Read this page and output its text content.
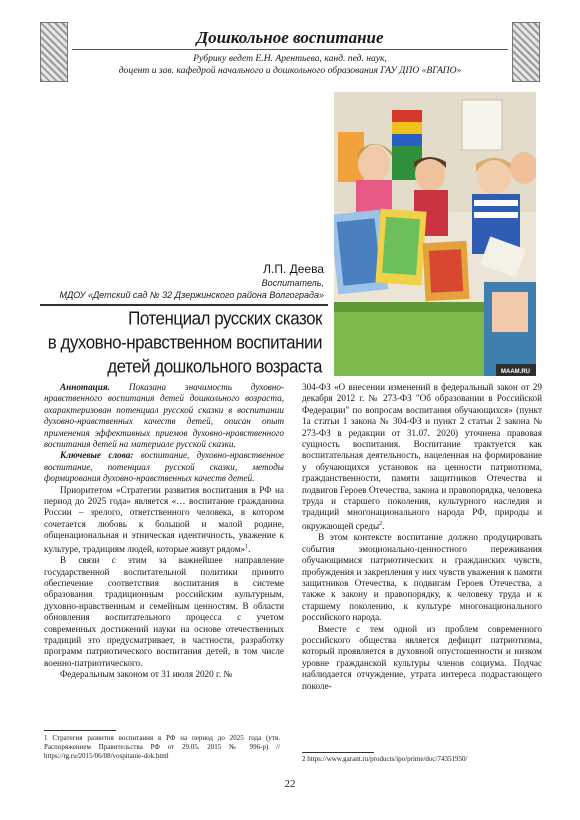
Дошкольное воспитание
Рубрику ведет Е.Н. Арентьева, канд. пед. наук,
доцент и зав. кафедрой начального и дошкольного образования ГАУ ДПО «ВГАПО»
MAAM.RU
Л.П. Деева
Воспитатель,
МДОУ «Детский сад № 32 Дзержинского района Волгограда»
Потенциал русских сказок
в духовно-нравственном воспитании
детей дошкольного возраста

Аннотация. Показана значимость духовно-нравственного воспитания детей дошкольного возраста, охарактеризован потенциал русской сказки в воспитании духовно-нравственных качеств детей, описан опыт применения эффективных приемов духовно-нравственного воспитания детей на материале русской сказки.

Ключевые слова: воспитание, духовно-нравственное воспитание, потенциал русской сказки, методы формирования духовно-нравственных качеств детей.

Приоритетом «Стратегии развития воспитания в РФ на период до 2025 года» является «… воспитание гражданина России – зрелого, ответственного человека, в котором сочетается любовь к большой и малой родине, общенациональная и этническая идентичность, уважение к культуре, традициям людей, которые живут рядом»$^1$.

В связи с этим за важнейшее направление государственной воспитательной политики принято обеспечение соответствия воспитания в системе образования традиционным российским культурным, духовно-нравственным и семейным ценностям. В области обновления воспитательного процесса с учетом современных достижений науки на основе отечественных традиций это предусматривает, в частности, разработку программ патриотического воспитания детей, в том числе военно-патриотического.

Федеральным законом от 31 июля 2020 г. №

304-ФЗ «О внесении изменений в федеральный закон от 29 декабря 2012 г. № 273-ФЗ "Об образовании в Российской Федерации" по вопросам воспитания обучающихся» (пункт 1а статьи 1 закона № 304-ФЗ и пункт 2 статьи 2 закона № 273-ФЗ в редакции от 31.07. 2020) уточнена правовая сущность воспитания. Воспитание трактуется как воспитательная деятельность, нацеленная на формирование у обучающихся установок на ценности патриотизма, гражданственности, памяти защитников Отечества и подвигов Героев Отечества, закона и правопорядка, человека труда и старшего поколения, культурного наследия и традиций многонационального народа РФ, природы и окружающей среды$^2$.

В этом контексте воспитание должно продуцировать события эмоционально-ценностного переживания обучающимися патриотических и гражданских чувств, пробуждения и закрепления у них чувств уважения к памяти защитников Отечества, к подвигам Героев Отечества, а также к закону и правопорядку, к человеку труда и к старшему поколению, к культуре многонационального российского народа.

Вместе с тем одной из проблем современного российского общества является дефицит патриотизма, который проявляется в духовной опустошенности и низком уровне гражданской культуры членов социума. Подчас наблюдается отчуждение, утрата интереса подрастающего поколе-

1 Стратегия развития воспитания в РФ на период до 2025 года (утв. Распоряжением Правительства РФ от 29.05. 2015 № 996-р) // https://rg.ru/2015/06/08/vospitanie-dok.html	2 https://www.garant.ru/products/ipo/prime/doc/74351950/
22
